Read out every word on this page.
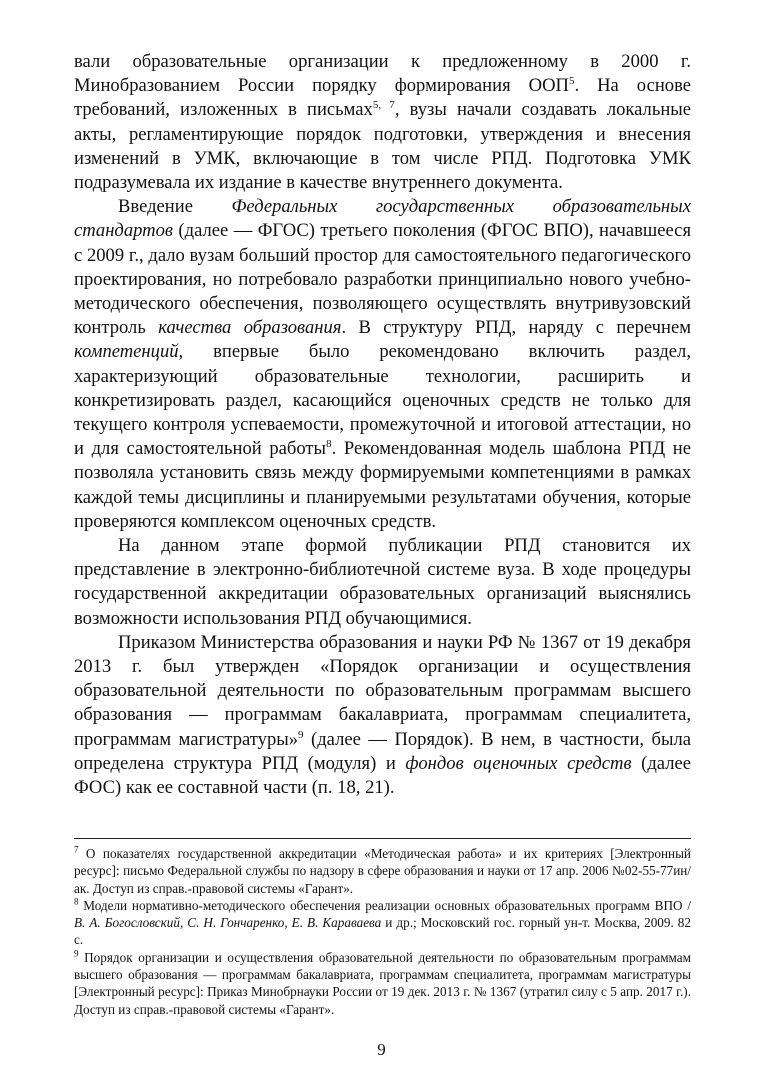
вали образовательные организации к предложенному в 2000 г. Минобразованием России порядку формирования ООП$^5$. На основе требований, изложенных в письмах$^{5, 7}$, вузы начали создавать локальные акты, регламентирующие порядок подготовки, утверждения и внесения изменений в УМК, включающие в том числе РПД. Подготовка УМК подразумевала их издание в качестве внутреннего документа.

Введение Федеральных государственных образовательных стандартов (далее — ФГОС) третьего поколения (ФГОС ВПО), начавшееся с 2009 г., дало вузам больший простор для самостоятельного педагогического проектирования, но потребовало разработки принципиально нового учебно-методического обеспечения, позволяющего осуществлять внутривузовский контроль качества образования. В структуру РПД, наряду с перечнем компетенций, впервые было рекомендовано включить раздел, характеризующий образовательные технологии, расширить и конкретизировать раздел, касающийся оценочных средств не только для текущего контроля успеваемости, промежуточной и итоговой аттестации, но и для самостоятельной работы$^8$. Рекомендованная модель шаблона РПД не позволяла установить связь между формируемыми компетенциями в рамках каждой темы дисциплины и планируемыми результатами обучения, которые проверяются комплексом оценочных средств.

На данном этапе формой публикации РПД становится их представление в электронно-библиотечной системе вуза. В ходе процедуры государственной аккредитации образовательных организаций выяснялись возможности использования РПД обучающимися.

Приказом Министерства образования и науки РФ № 1367 от 19 декабря 2013 г. был утвержден «Порядок организации и осуществления образовательной деятельности по образовательным программам высшего образования — программам бакалавриата, программам специалитета, программам магистратуры»$^9$ (далее — Порядок). В нем, в частности, была определена структура РПД (модуля) и фондов оценочных средств (далее ФОС) как ее составной части (п. 18, 21).

$^7$ О показателях государственной аккредитации «Методическая работа» и их критериях [Электронный ресурс]: письмо Федеральной службы по надзору в сфере образования и науки от 17 апр. 2006 №02-55-77ин/ак. Доступ из справ.-правовой системы «Гарант».

$^8$ Модели нормативно-методического обеспечения реализации основных образовательных программ ВПО / В. А. Богословский, С. Н. Гончаренко, Е. В. Караваева и др.; Московский гос. горный ун-т. Москва, 2009. 82 с.

$^9$ Порядок организации и осуществления образовательной деятельности по образовательным программам высшего образования — программам бакалавриата, программам специалитета, программам магистратуры [Электронный ресурс]: Приказ Минобрнауки России от 19 дек. 2013 г. № 1367 (утратил силу с 5 апр. 2017 г.). Доступ из справ.-правовой системы «Гарант».

9
